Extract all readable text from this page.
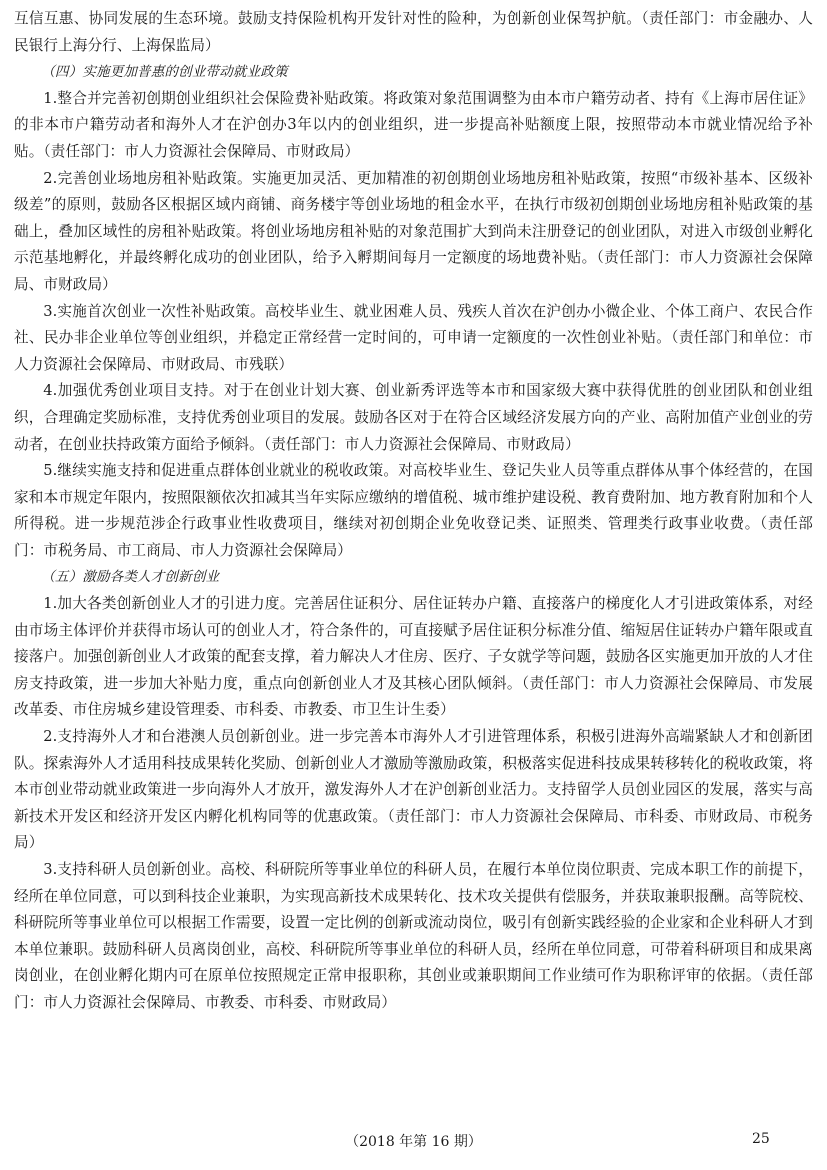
互信互惠、协同发展的生态环境。鼓励支持保险机构开发针对性的险种，为创新创业保驾护航。（责任部门：市金融办、人民银行上海分行、上海保监局）

（四）实施更加普惠的创业带动就业政策

1.整合并完善初创期创业组织社会保险费补贴政策。将政策对象范围调整为由本市户籍劳动者、持有《上海市居住证》的非本市户籍劳动者和海外人才在沪创办3年以内的创业组织，进一步提高补贴额度上限，按照带动本市就业情况给予补贴。（责任部门：市人力资源社会保障局、市财政局）

2.完善创业场地房租补贴政策。实施更加灵活、更加精准的初创期创业场地房租补贴政策，按照“市级补基本、区级补级差”的原则，鼓励各区根据区域内商铺、商务楼宇等创业场地的租金水平，在执行市级初创期创业场地房租补贴政策的基础上，叠加区域性的房租补贴政策。将创业场地房租补贴的对象范围扩大到尚未注册登记的创业团队，对进入市级创业孵化示范基地孵化，并最终孵化成功的创业团队，给予入孵期间每月一定额度的场地费补贴。（责任部门：市人力资源社会保障局、市财政局）

3.实施首次创业一次性补贴政策。高校毕业生、就业困难人员、残疾人首次在沪创办小微企业、个体工商户、农民合作社、民办非企业单位等创业组织，并稳定正常经营一定时间的，可申请一定额度的一次性创业补贴。（责任部门和单位：市人力资源社会保障局、市财政局、市残联）

4.加强优秀创业项目支持。对于在创业计划大赛、创业新秀评选等本市和国家级大赛中获得优胜的创业团队和创业组织，合理确定奖励标准，支持优秀创业项目的发展。鼓励各区对于在符合区域经济发展方向的产业、高附加值产业创业的劳动者，在创业扶持政策方面给予倾斜。（责任部门：市人力资源社会保障局、市财政局）

5.继续实施支持和促进重点群体创业就业的税收政策。对高校毕业生、登记失业人员等重点群体从事个体经营的，在国家和本市规定年限内，按照限额依次扣减其当年实际应缴纳的增值税、城市维护建设税、教育费附加、地方教育附加和个人所得税。进一步规范涉企行政事业性收费项目，继续对初创期企业免收登记类、证照类、管理类行政事业收费。（责任部门：市税务局、市工商局、市人力资源社会保障局）

（五）激励各类人才创新创业

1.加大各类创新创业人才的引进力度。完善居住证积分、居住证转办户籍、直接落户的梯度化人才引进政策体系，对经由市场主体评价并获得市场认可的创业人才，符合条件的，可直接赋予居住证积分标准分值、缩短居住证转办户籍年限或直接落户。加强创新创业人才政策的配套支撑，着力解决人才住房、医疗、子女就学等问题，鼓励各区实施更加开放的人才住房支持政策，进一步加大补贴力度，重点向创新创业人才及其核心团队倾斜。（责任部门：市人力资源社会保障局、市发展改革委、市住房城乡建设管理委、市科委、市教委、市卫生计生委）

2.支持海外人才和台港澳人员创新创业。进一步完善本市海外人才引进管理体系，积极引进海外高端紧缺人才和创新团队。探索海外人才适用科技成果转化奖励、创新创业人才激励等激励政策，积极落实促进科技成果转移转化的税收政策，将本市创业带动就业政策进一步向海外人才放开，激发海外人才在沪创新创业活力。支持留学人员创业园区的发展，落实与高新技术开发区和经济开发区内孵化机构同等的优惠政策。（责任部门：市人力资源社会保障局、市科委、市财政局、市税务局）

3.支持科研人员创新创业。高校、科研院所等事业单位的科研人员，在履行本单位岗位职责、完成本职工作的前提下，经所在单位同意，可以到科技企业兼职，为实现高新技术成果转化、技术攻关提供有偿服务，并获取兼职报酬。高等院校、科研院所等事业单位可以根据工作需要，设置一定比例的创新或流动岗位，吸引有创新实践经验的企业家和企业科研人才到本单位兼职。鼓励科研人员离岗创业，高校、科研院所等事业单位的科研人员，经所在单位同意，可带着科研项目和成果离岗创业，在创业孵化期内可在原单位按照规定正常申报职称，其创业或兼职期间工作业绩可作为职称评审的依据。（责任部门：市人力资源社会保障局、市教委、市科委、市财政局）

（2018 年第 16 期）	25
